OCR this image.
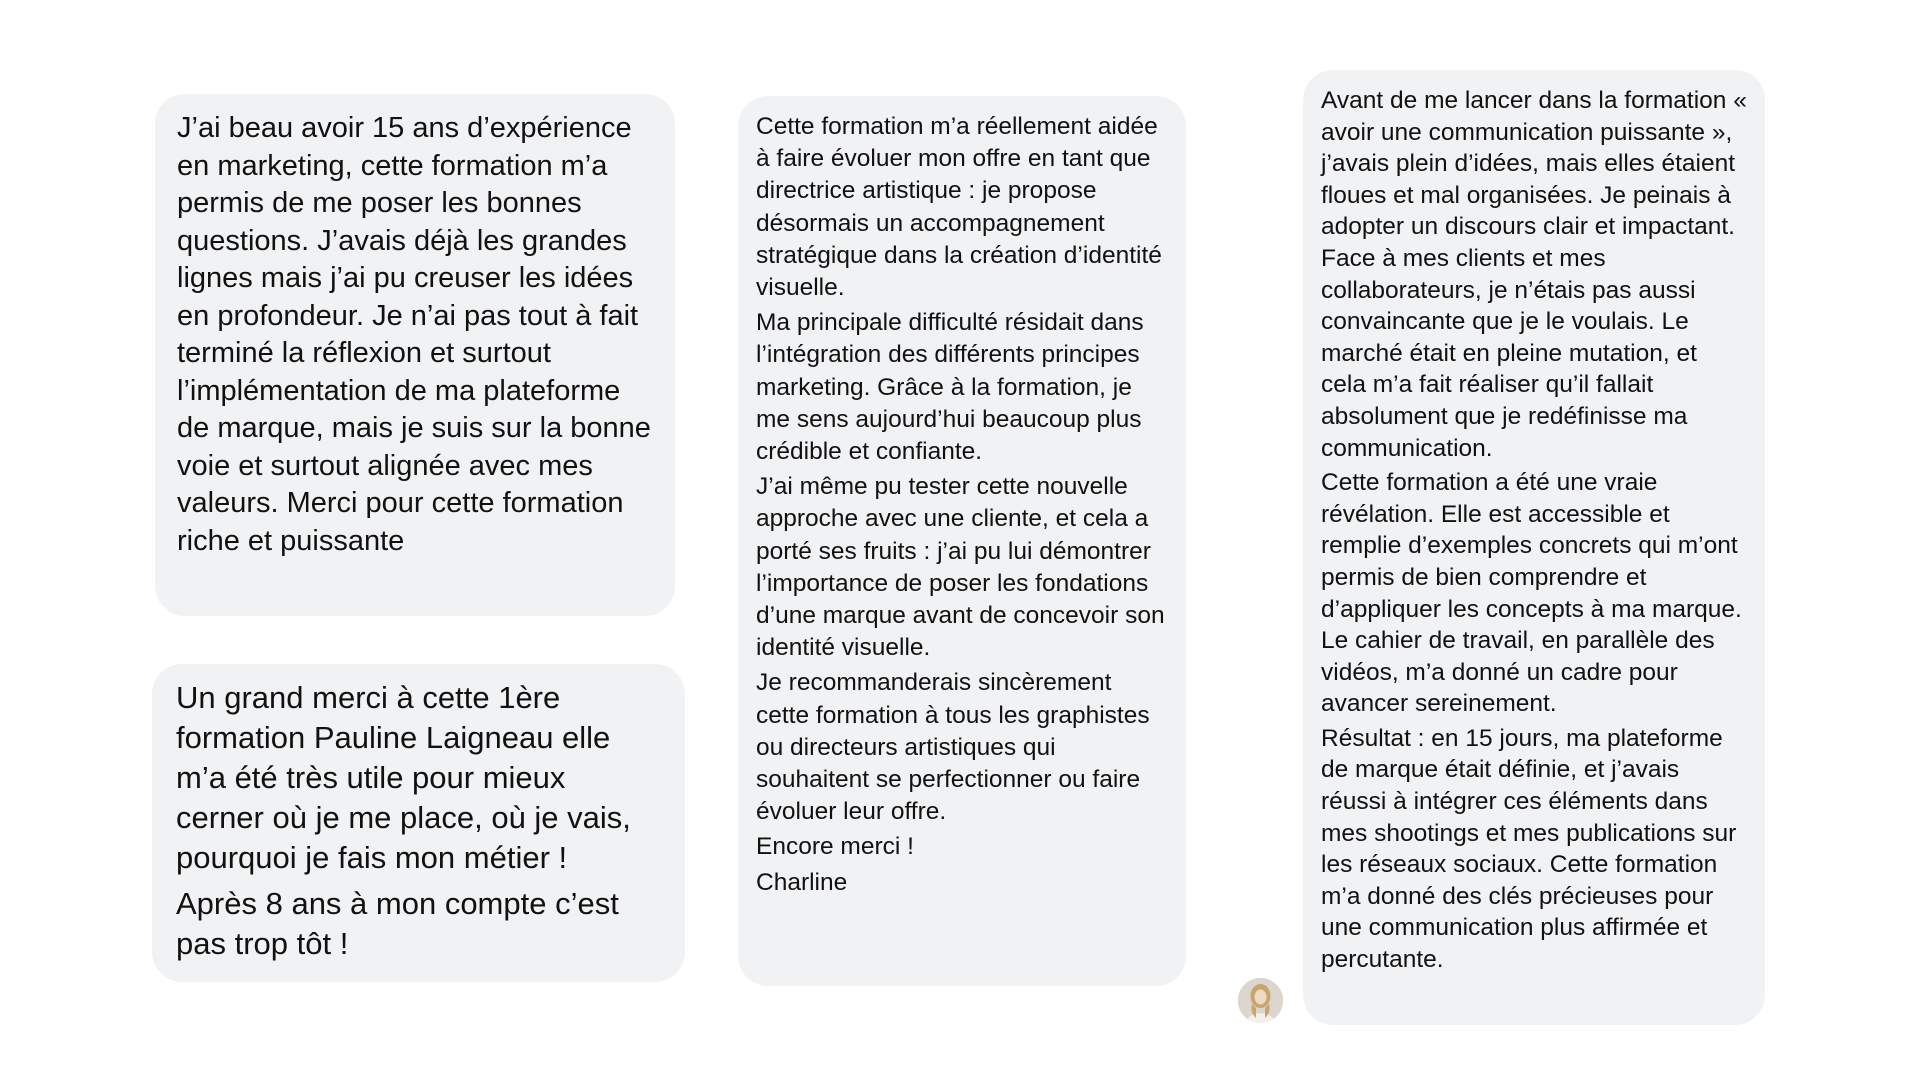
J’ai beau avoir 15 ans d’expérience en marketing, cette formation m’a permis de me poser les bonnes questions. J’avais déjà les grandes lignes mais j’ai pu creuser les idées en profondeur. Je n’ai pas tout à fait terminé la réflexion et surtout l’implémentation de ma plateforme de marque, mais je suis sur la bonne voie et surtout alignée avec mes valeurs. Merci pour cette formation riche et puissante

Un grand merci à cette 1ère formation Pauline Laigneau elle m’a été très utile pour mieux cerner où je me place, où je vais, pourquoi je fais mon métier !

Après 8 ans à mon compte c’est pas trop tôt !

Cette formation m’a réellement aidée à faire évoluer mon offre en tant que directrice artistique : je propose désormais un accompagnement stratégique dans la création d’identité visuelle.

Ma principale difficulté résidait dans l’intégration des différents principes marketing. Grâce à la formation, je me sens aujourd’hui beaucoup plus crédible et confiante.

J’ai même pu tester cette nouvelle approche avec une cliente, et cela a porté ses fruits : j’ai pu lui démontrer l’importance de poser les fondations d’une marque avant de concevoir son identité visuelle.

Je recommanderais sincèrement cette formation à tous les graphistes ou directeurs artistiques qui souhaitent se perfectionner ou faire évoluer leur offre.

Encore merci !

Charline

Avant de me lancer dans la formation « avoir une communication puissante », j’avais plein d’idées, mais elles étaient floues et mal organisées. Je peinais à adopter un discours clair et impactant. Face à mes clients et mes collaborateurs, je n’étais pas aussi convaincante que je le voulais. Le marché était en pleine mutation, et cela m’a fait réaliser qu’il fallait absolument que je redéfinisse ma communication.

Cette formation a été une vraie révélation. Elle est accessible et remplie d’exemples concrets qui m’ont permis de bien comprendre et d’appliquer les concepts à ma marque. Le cahier de travail, en parallèle des vidéos, m’a donné un cadre pour avancer sereinement.

Résultat : en 15 jours, ma plateforme de marque était définie, et j’avais réussi à intégrer ces éléments dans mes shootings et mes publications sur les réseaux sociaux. Cette formation m’a donné des clés précieuses pour une communication plus affirmée et percutante.
